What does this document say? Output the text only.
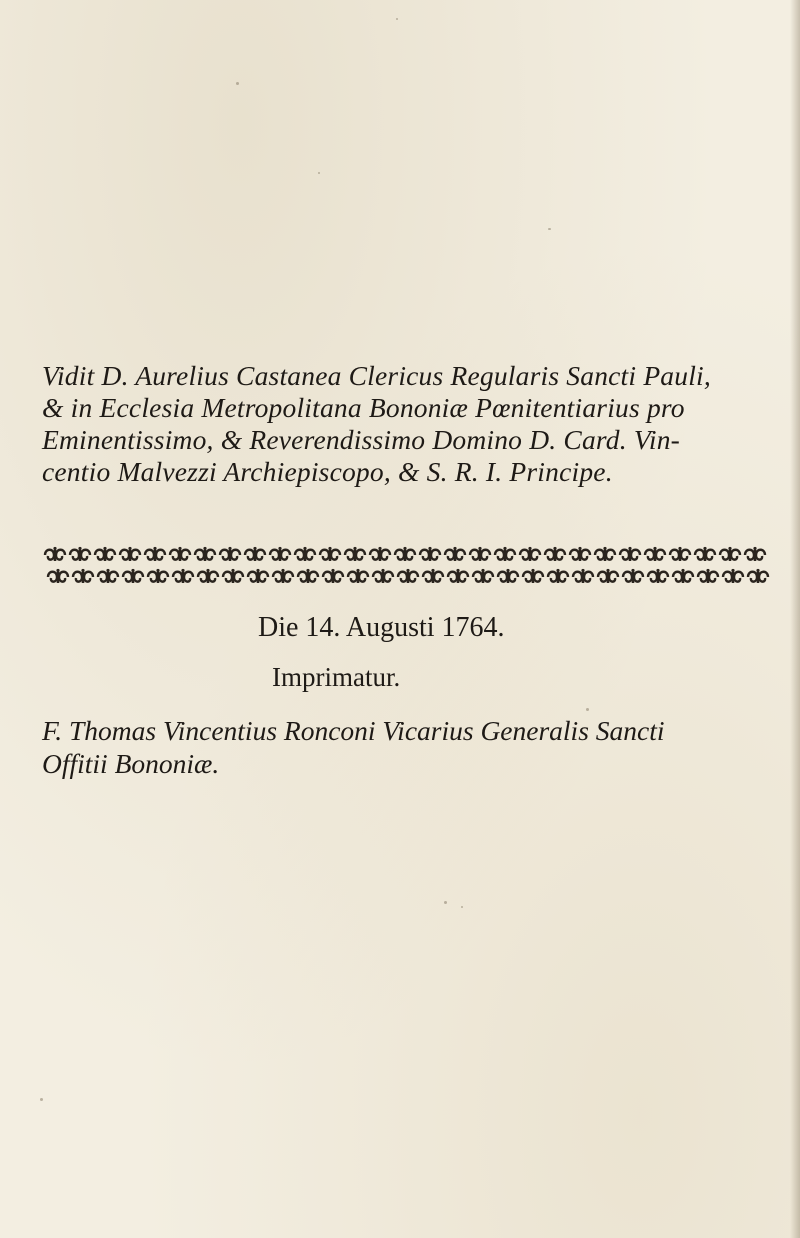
Vidit D. Aurelius Castanea Clericus Regularis Sancti Pauli,
& in Ecclesia Metropolitana Bononiæ Pœnitentiarius pro
Eminentissimo, & Reverendissimo Domino D. Card. Vin-
centio Malvezzi Archiepiscopo, & S. R. I. Principe.
Die 14. Augusti 1764.
Imprimatur.
F. Thomas Vincentius Ronconi Vicarius Generalis Sancti
Offitii Bononiæ.
